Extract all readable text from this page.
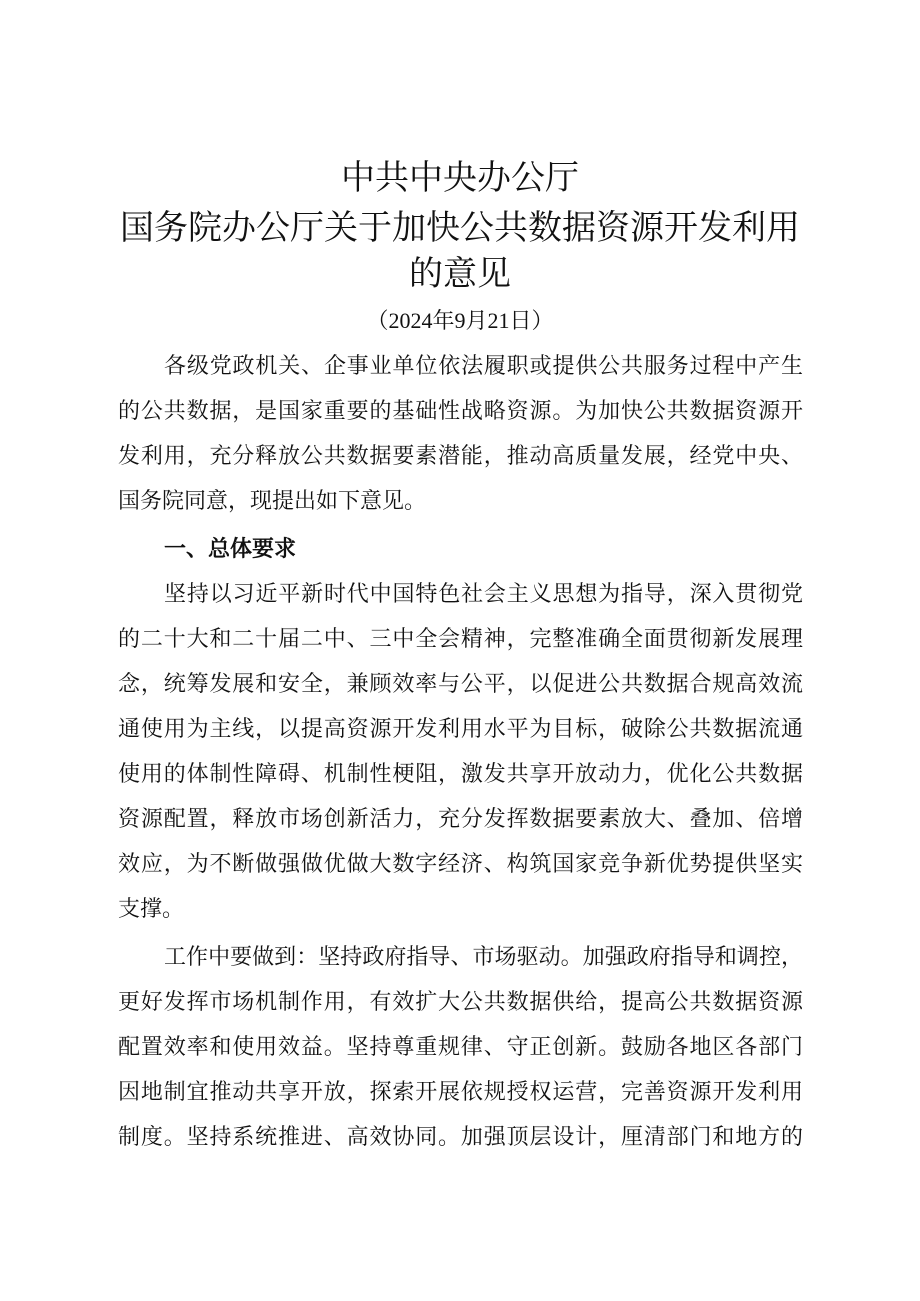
中共中央办公厅
国务院办公厅关于加快公共数据资源开发利用
的意见
（2024年9月21日）
各级党政机关、企事业单位依法履职或提供公共服务过程中产生
的公共数据，是国家重要的基础性战略资源。为加快公共数据资源开
发利用，充分释放公共数据要素潜能，推动高质量发展，经党中央、
国务院同意，现提出如下意见。
一、总体要求
坚持以习近平新时代中国特色社会主义思想为指导，深入贯彻党
的二十大和二十届二中、三中全会精神，完整准确全面贯彻新发展理
念，统筹发展和安全，兼顾效率与公平，以促进公共数据合规高效流
通使用为主线，以提高资源开发利用水平为目标，破除公共数据流通
使用的体制性障碍、机制性梗阻，激发共享开放动力，优化公共数据
资源配置，释放市场创新活力，充分发挥数据要素放大、叠加、倍增
效应，为不断做强做优做大数字经济、构筑国家竞争新优势提供坚实
支撑。
工作中要做到：坚持政府指导、市场驱动。加强政府指导和调控，
更好发挥市场机制作用，有效扩大公共数据供给，提高公共数据资源
配置效率和使用效益。坚持尊重规律、守正创新。鼓励各地区各部门
因地制宜推动共享开放，探索开展依规授权运营，完善资源开发利用
制度。坚持系统推进、高效协同。加强顶层设计，厘清部门和地方的
